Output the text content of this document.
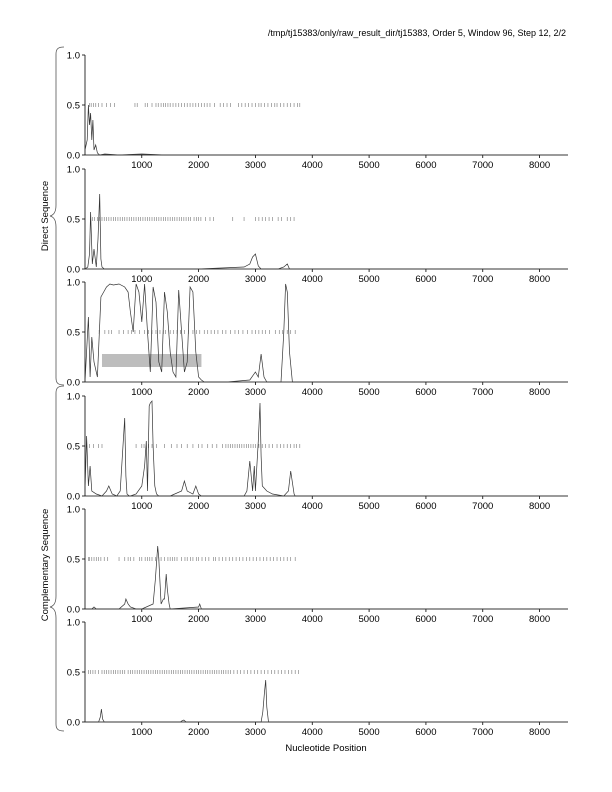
/tmp/tj15383/only/raw_result_dir/tj15383, Order 5, Window 96, Step 12, 2/2
Nucleotide Position
Direct Sequence
Complementary Sequence
0.0
0.5
1.0
1000	2000	3000	4000	5000	6000	7000	8000
0.0
0.5
1.0
1000	2000	3000	4000	5000	6000	7000	8000
0.0
0.5
1.0
1000	2000	3000	4000	5000	6000	7000	8000
0.0
0.5
1.0
1000	2000	3000	4000	5000	6000	7000	8000
0.0
0.5
1.0
1000	2000	3000	4000	5000	6000	7000	8000
0.0
0.5
1.0
1000	2000	3000	4000	5000	6000	7000	8000
